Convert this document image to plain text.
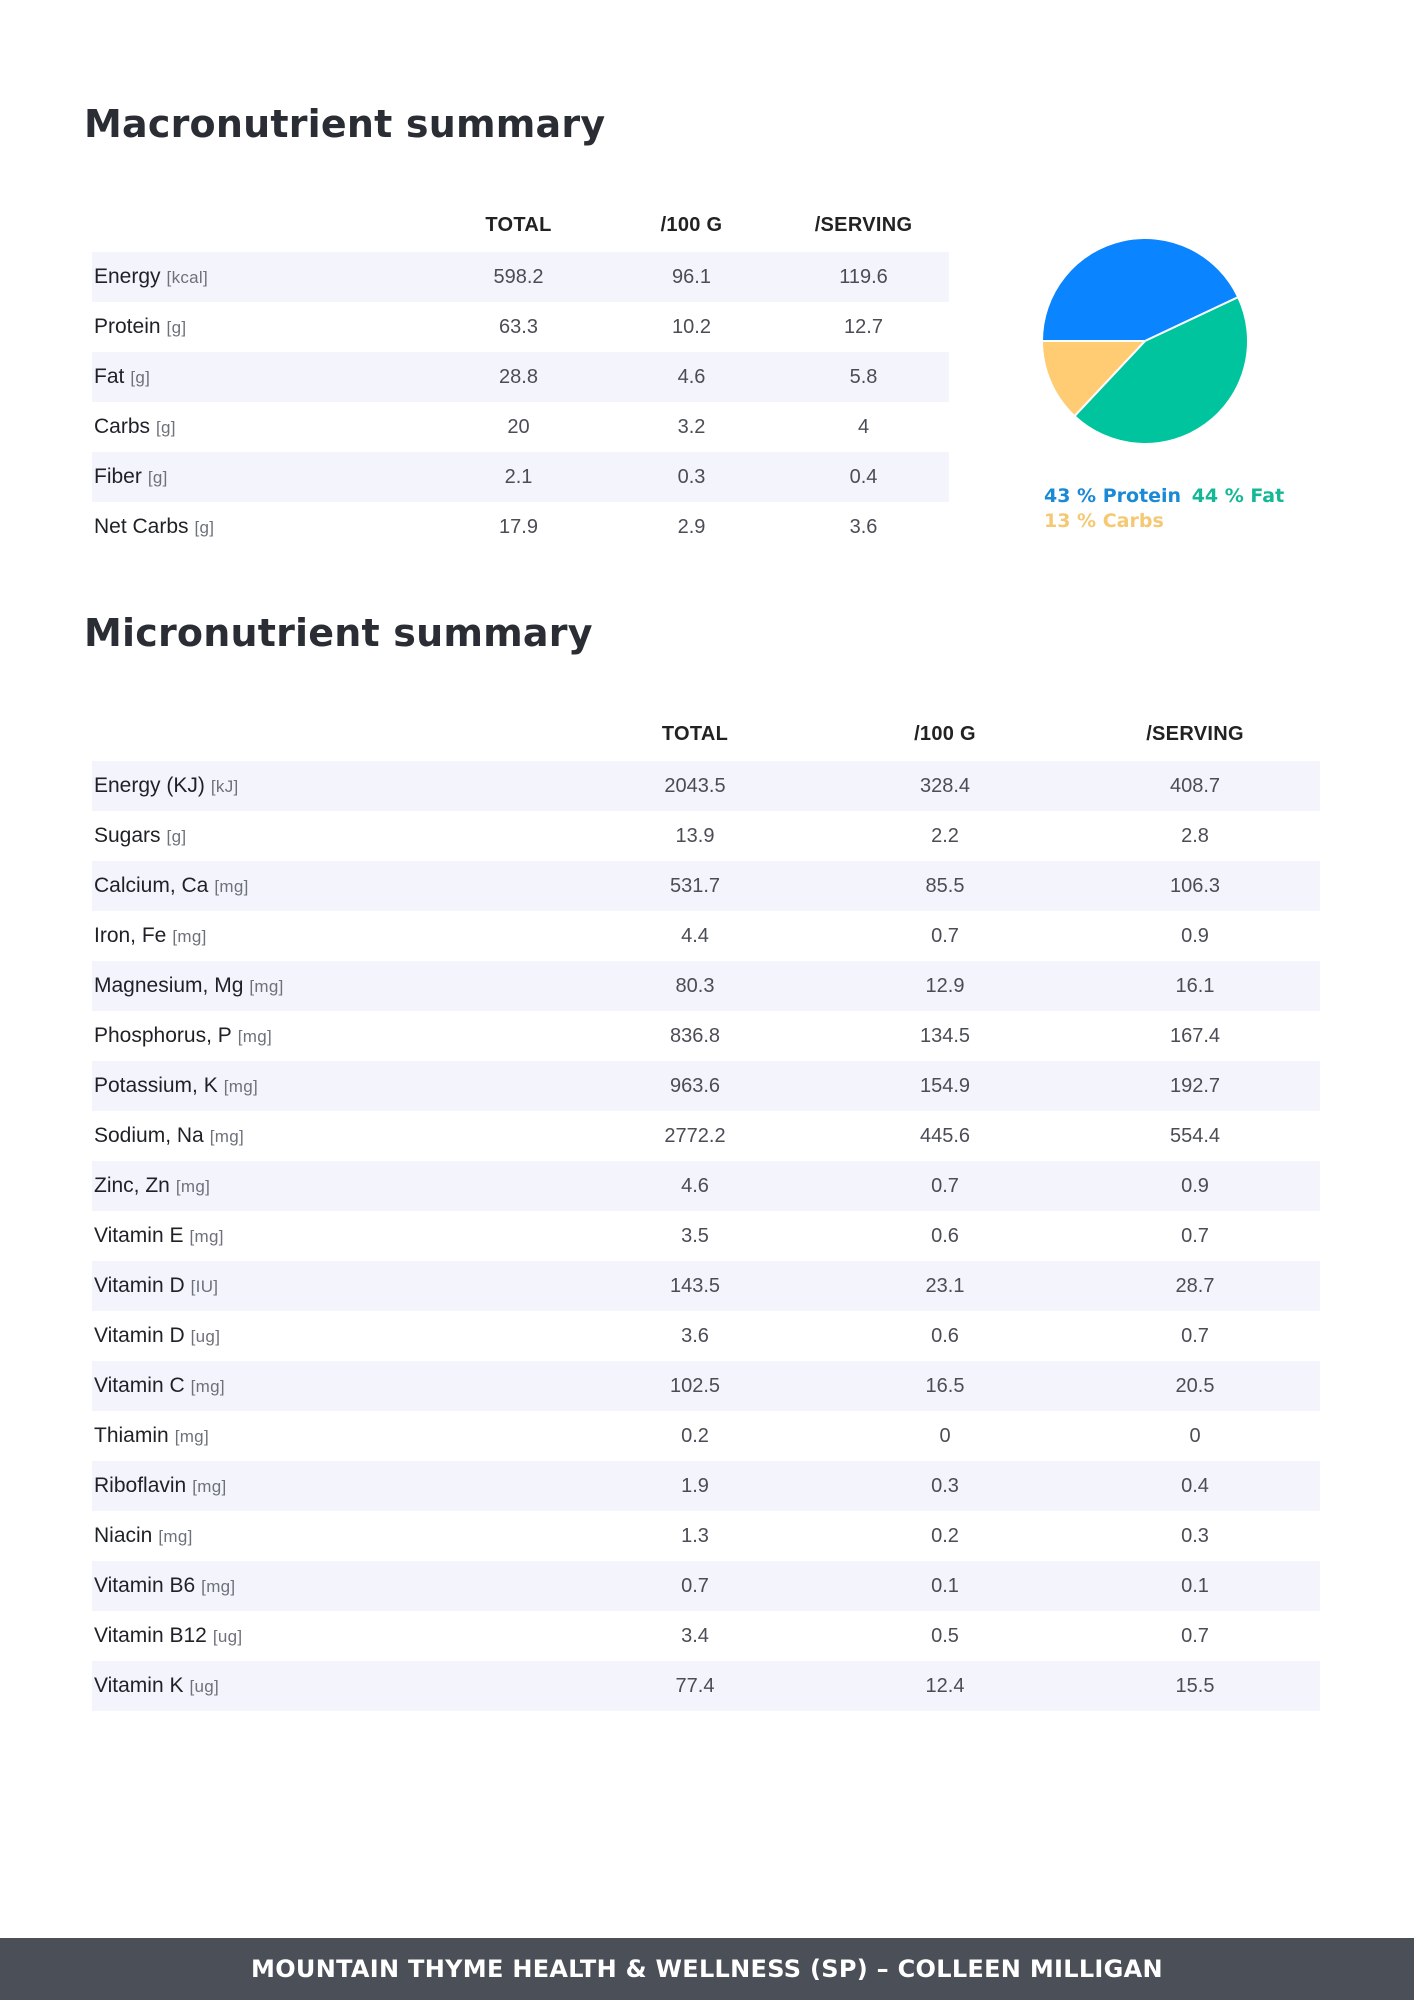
Macronutrient summary
	TOTAL	/100 G	/SERVING
Energy [kcal]	598.2	96.1	119.6
Protein [g]	63.3	10.2	12.7
Fat [g]	28.8	4.6	5.8
Carbs [g]	20	3.2	4
Fiber [g]	2.1	0.3	0.4
Net Carbs [g]	17.9	2.9	3.6
43 % Protein 44 % Fat 13 % Carbs
Micronutrient summary
	TOTAL	/100 G	/SERVING
Energy (KJ) [kJ]	2043.5	328.4	408.7
Sugars [g]	13.9	2.2	2.8
Calcium, Ca [mg]	531.7	85.5	106.3
Iron, Fe [mg]	4.4	0.7	0.9
Magnesium, Mg [mg]	80.3	12.9	16.1
Phosphorus, P [mg]	836.8	134.5	167.4
Potassium, K [mg]	963.6	154.9	192.7
Sodium, Na [mg]	2772.2	445.6	554.4
Zinc, Zn [mg]	4.6	0.7	0.9
Vitamin E [mg]	3.5	0.6	0.7
Vitamin D [IU]	143.5	23.1	28.7
Vitamin D [ug]	3.6	0.6	0.7
Vitamin C [mg]	102.5	16.5	20.5
Thiamin [mg]	0.2	0	0
Riboflavin [mg]	1.9	0.3	0.4
Niacin [mg]	1.3	0.2	0.3
Vitamin B6 [mg]	0.7	0.1	0.1
Vitamin B12 [ug]	3.4	0.5	0.7
Vitamin K [ug]	77.4	12.4	15.5
MOUNTAIN THYME HEALTH & WELLNESS (SP) – COLLEEN MILLIGAN
